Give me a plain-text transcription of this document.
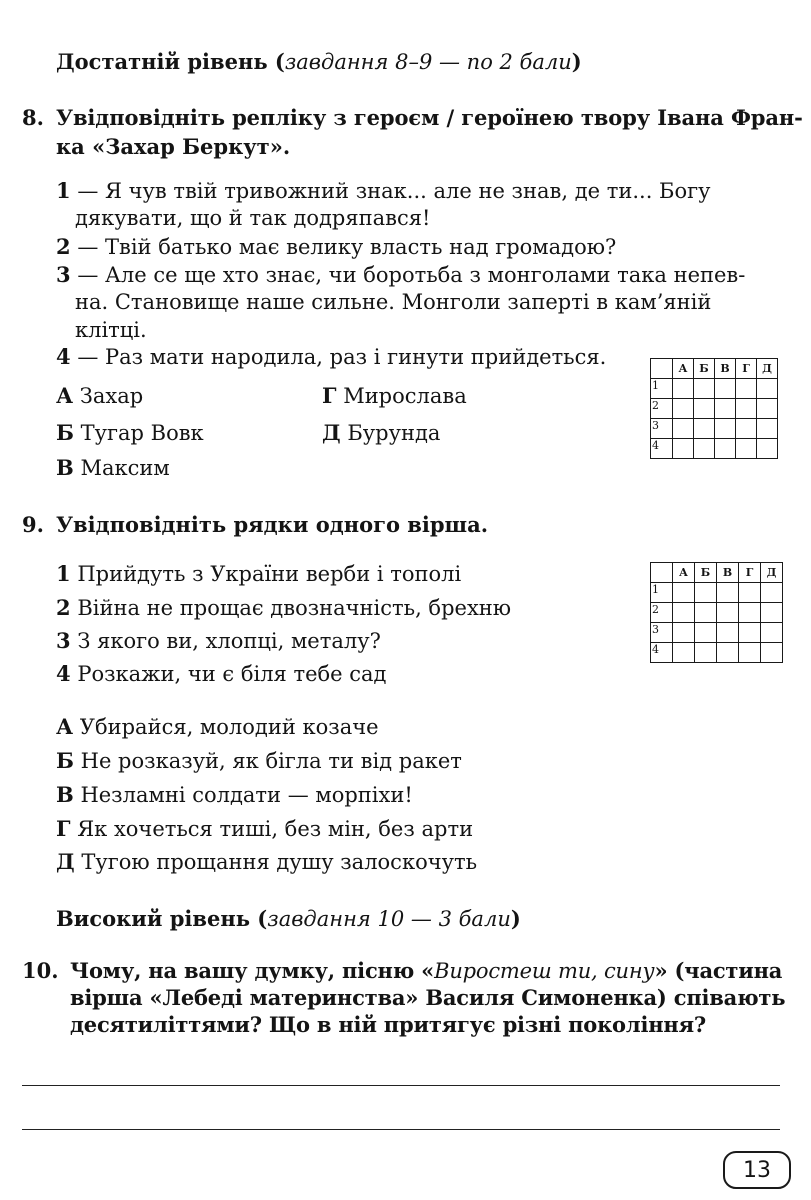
Достатній рівень (завдання 8–9 — по 2 бали)
8. Увідповідніть репліку з героєм / героїнею твору Івана Фран-
ка «Захар Беркут».
1 — Я чув твій тривожний знак... але не знав, де ти... Богу
дякувати, що й так додряпався!
2 — Твій батько має велику власть над громадою?
3 — Але се ще хто знає, чи боротьба з монголами така непев-
на. Становище наше сильне. Монголи заперті в кам’яній
клітці.
4 — Раз мати народила, раз і гинути прийдеться.
А Захар
Б Тугар Вовк
В Максим
Г Мирослава
Д Бурунда
	А	Б	В	Г	Д
1					
2					
3					
4					
9. Увідповідніть рядки одного вірша.
1 Прийдуть з України верби і тополі
2 Війна не прощає двозначність, брехню
3 З якого ви, хлопці, металу?
4 Розкажи, чи є біля тебе сад
	А	Б	В	Г	Д
1					
2					
3					
4					
А Убирайся, молодий козаче
Б Не розказуй, як бігла ти від ракет
В Незламні солдати — морпіхи!
Г Як хочеться тиші, без мін, без арти
Д Тугою прощання душу залоскочуть
Високий рівень (завдання 10 — 3 бали)
10. Чому, на вашу думку, пісню «Виростеш ти, сину» (частина
вірша «Лебеді материнства» Василя Симоненка) співають
десятиліттями? Що в ній притягує різні покоління?
13
